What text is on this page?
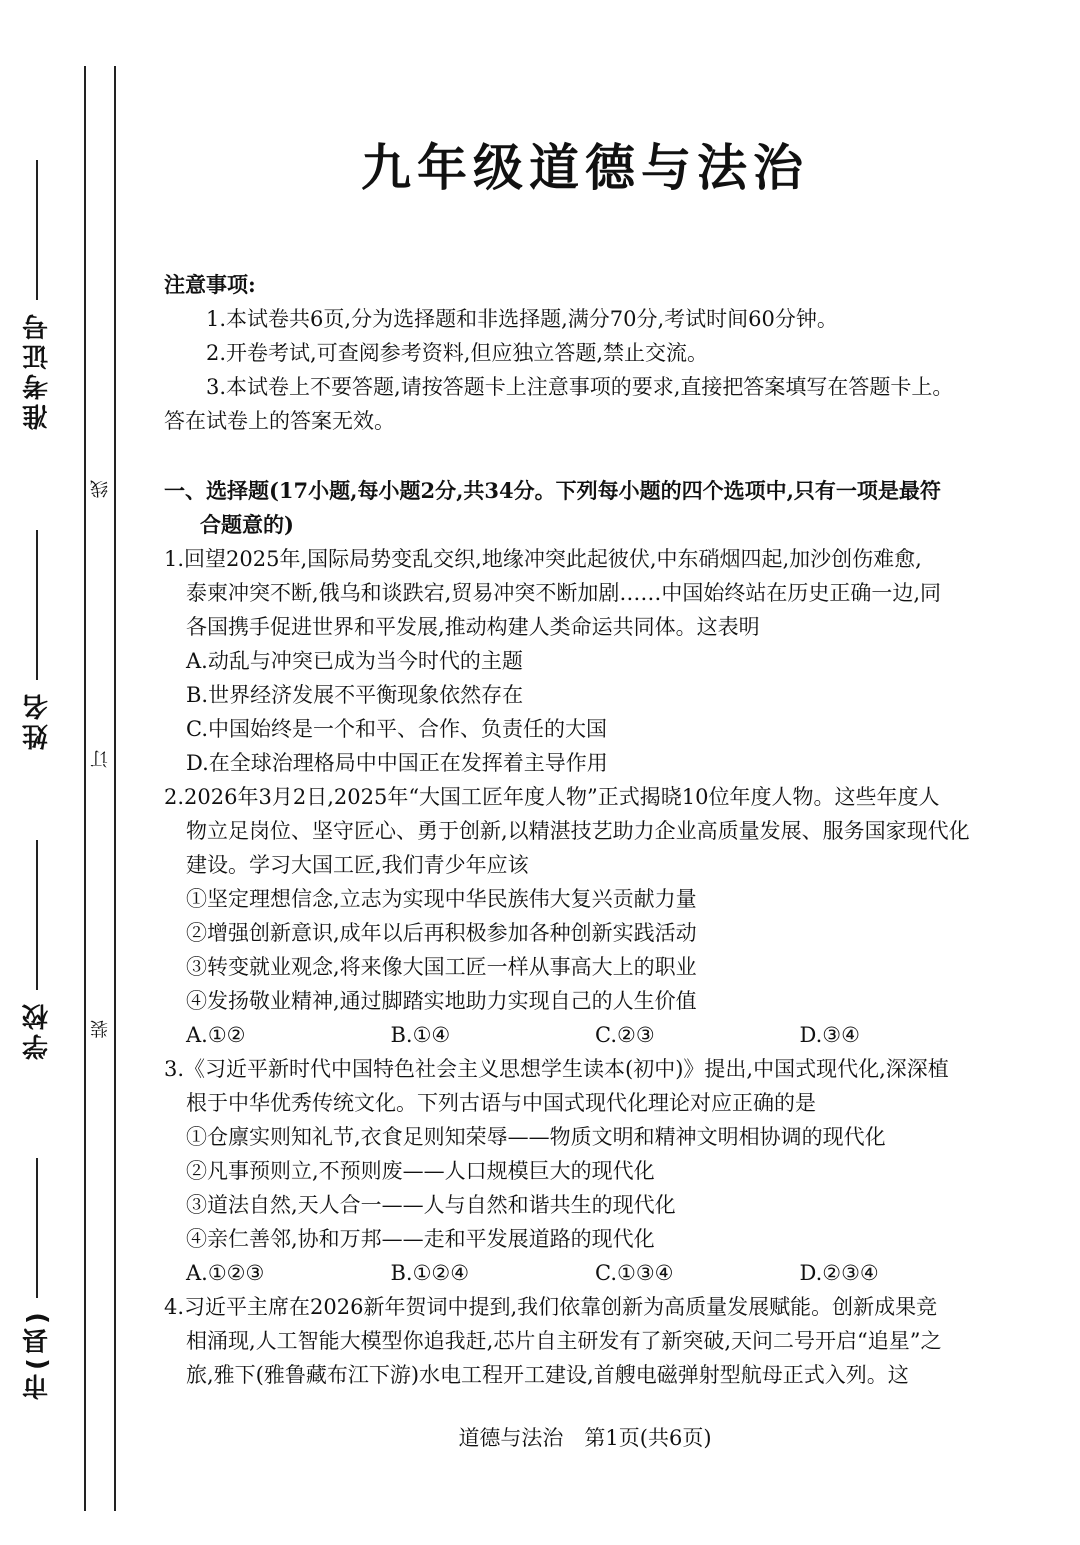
准考证号
姓名
学校
市(县)
线
订
装
九年级道德与法治
注意事项:
1.本试卷共6页,分为选择题和非选择题,满分70分,考试时间60分钟。
2.开卷考试,可查阅参考资料,但应独立答题,禁止交流。
3.本试卷上不要答题,请按答题卡上注意事项的要求,直接把答案填写在答题卡上。
答在试卷上的答案无效。
一、选择题(17小题,每小题2分,共34分。下列每小题的四个选项中,只有一项是最符
合题意的)
1.回望2025年,国际局势变乱交织,地缘冲突此起彼伏,中东硝烟四起,加沙创伤难愈,
泰柬冲突不断,俄乌和谈跌宕,贸易冲突不断加剧……中国始终站在历史正确一边,同
各国携手促进世界和平发展,推动构建人类命运共同体。这表明
A.动乱与冲突已成为当今时代的主题
B.世界经济发展不平衡现象依然存在
C.中国始终是一个和平、合作、负责任的大国
D.在全球治理格局中中国正在发挥着主导作用
2.2026年3月2日,2025年“大国工匠年度人物”正式揭晓10位年度人物。这些年度人
物立足岗位、坚守匠心、勇于创新,以精湛技艺助力企业高质量发展、服务国家现代化
建设。学习大国工匠,我们青少年应该
①坚定理想信念,立志为实现中华民族伟大复兴贡献力量
②增强创新意识,成年以后再积极参加各种创新实践活动
③转变就业观念,将来像大国工匠一样从事高大上的职业
④发扬敬业精神,通过脚踏实地助力实现自己的人生价值
A.①②	B.①④	C.②③	D.③④
3.《习近平新时代中国特色社会主义思想学生读本(初中)》提出,中国式现代化,深深植
根于中华优秀传统文化。下列古语与中国式现代化理论对应正确的是
①仓廪实则知礼节,衣食足则知荣辱——物质文明和精神文明相协调的现代化
②凡事预则立,不预则废——人口规模巨大的现代化
③道法自然,天人合一——人与自然和谐共生的现代化
④亲仁善邻,协和万邦——走和平发展道路的现代化
A.①②③	B.①②④	C.①③④	D.②③④
4.习近平主席在2026新年贺词中提到,我们依靠创新为高质量发展赋能。创新成果竞
相涌现,人工智能大模型你追我赶,芯片自主研发有了新突破,天问二号开启“追星”之
旅,雅下(雅鲁藏布江下游)水电工程开工建设,首艘电磁弹射型航母正式入列。这
道德与法治　第1页(共6页)
